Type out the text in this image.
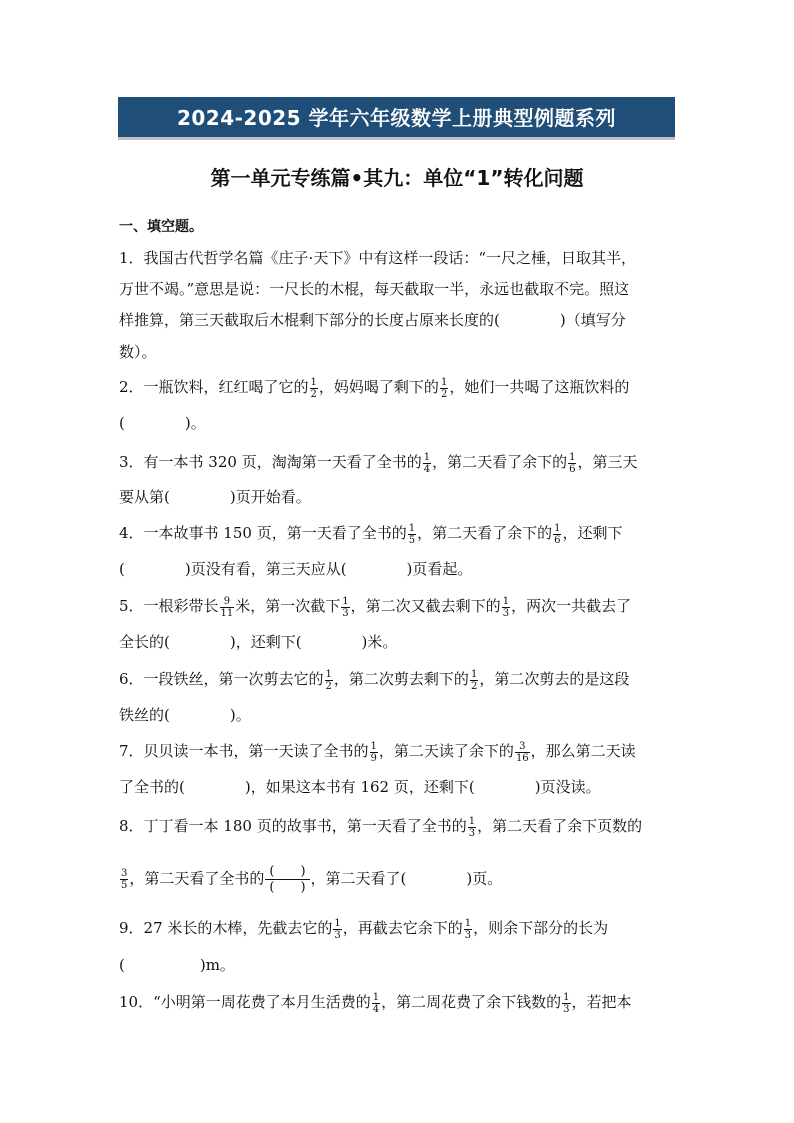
2024-2025 学年六年级数学上册典型例题系列
第一单元专练篇•其九：单位“1”转化问题
一、填空题。
1．我国古代哲学名篇《庄子·天下》中有这样一段话：“一尺之棰，日取其半，
万世不竭。”意思是说：一尺长的木棍，每天截取一半，永远也截取不完。照这
样推算，第三天截取后木棍剩下部分的长度占原来长度的(　　　　)（填写分
数）。
2．一瓶饮料，红红喝了它的 $\frac{1}{2}$ ，妈妈喝了剩下的 $\frac{1}{2}$ ，她们一共喝了这瓶饮料的
(　　　　)。
3．有一本书 320 页，淘淘第一天看了全书的 $\frac{1}{4}$ ，第二天看了余下的 $\frac{1}{6}$ ，第三天
要从第(　　　　)页开始看。
4．一本故事书 150 页，第一天看了全书的 $\frac{1}{5}$ ，第二天看了余下的 $\frac{1}{6}$ ，还剩下
(　　　　)页没有看，第三天应从(　　　　)页看起。
5．一根彩带长 $\frac{9}{11}$ 米，第一次截下 $\frac{1}{3}$ ，第二次又截去剩下的 $\frac{1}{3}$ ，两次一共截去了
全长的(　　　　)，还剩下(　　　　)米。
6．一段铁丝，第一次剪去它的 $\frac{1}{2}$ ，第二次剪去剩下的 $\frac{1}{2}$ ，第二次剪去的是这段
铁丝的(　　　　)。
7．贝贝读一本书，第一天读了全书的 $\frac{1}{9}$ ，第二天读了余下的 $\frac{3}{16}$ ，那么第二天读
了全书的(　　　　)，如果这本书有 162 页，还剩下(　　　　)页没读。
8．丁丁看一本 180 页的故事书，第一天看了全书的 $\frac{1}{3}$ ，第二天看了余下页数的
$\frac{3}{5}$ ，第二天看了全书的 $\frac{( )}{( )}$ ，第二天看了(　　　　)页。
9．27 米长的木棒，先截去它的 $\frac{1}{3}$ ，再截去它余下的 $\frac{1}{3}$ ，则余下部分的长为
(　　　　　)m。
10．“小明第一周花费了本月生活费的 $\frac{1}{4}$ ，第二周花费了余下钱数的 $\frac{1}{3}$ ，若把本
